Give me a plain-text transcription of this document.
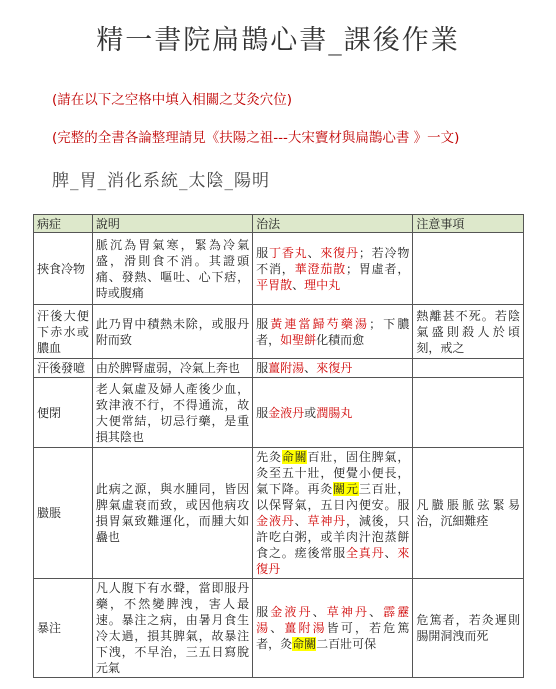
精一書院扁鵲心書_課後作業
(請在以下之空格中填入相關之艾灸穴位)
(完整的全書各論整理請見《扶陽之祖---大宋竇材與扁鵲心書 》一文)
脾_胃_消化系統_太陰_陽明
病症	說明	治法	注意事項
挾食冷物	脈沉為胃氣寒，緊為冷氣盛，滑則食不消。其證頭痛、發熱、嘔吐、心下痞，時或腹痛	服丁香丸、來復丹；若冷物不消，華澄茄散；胃虛者，平胃散、理中丸	
汗後大便下赤水或膿血	此乃胃中積熱未除，或服丹附而致	服黃連當歸芍藥湯；下膿者，如聖餅化積而愈	熱離甚不死。若陰氣盛則殺人於頃刻，戒之
汗後發噫	由於脾腎虛弱，冷氣上奔也	服薑附湯、來復丹	
便閉	老人氣虛及婦人產後少血，致津液不行，不得通流，故大便常結，切忌行藥，是重損其陰也	服金液丹或潤腸丸	
臌脹	此病之源，與水腫同，皆因脾氣虛衰而致，或因他病攻損胃氣致難運化，而腫大如蠱也	先灸命關百壯，固住脾氣，灸至五十壯，便覺小便長，氣下降。再灸關元三百壯，以保腎氣，五日內便安。服金液丹、草神丹，減後，只許吃白粥，或羊肉汁泡蒸餅食之。瘥後常服全真丹、來復丹	凡臌脹脈弦緊易治，沉細難痊
暴注	凡人腹下有水聲，當即服丹藥，不然變脾洩，害人最速。暴注之病，由暑月食生冷太過，損其脾氣，故暴注下洩，不早治，三五日寫脫元氣	服金液丹、草神丹、霹靂湯、薑附湯皆可，若危篤者，灸命關二百壯可保	危篤者，若灸遲則腸開洞洩而死
